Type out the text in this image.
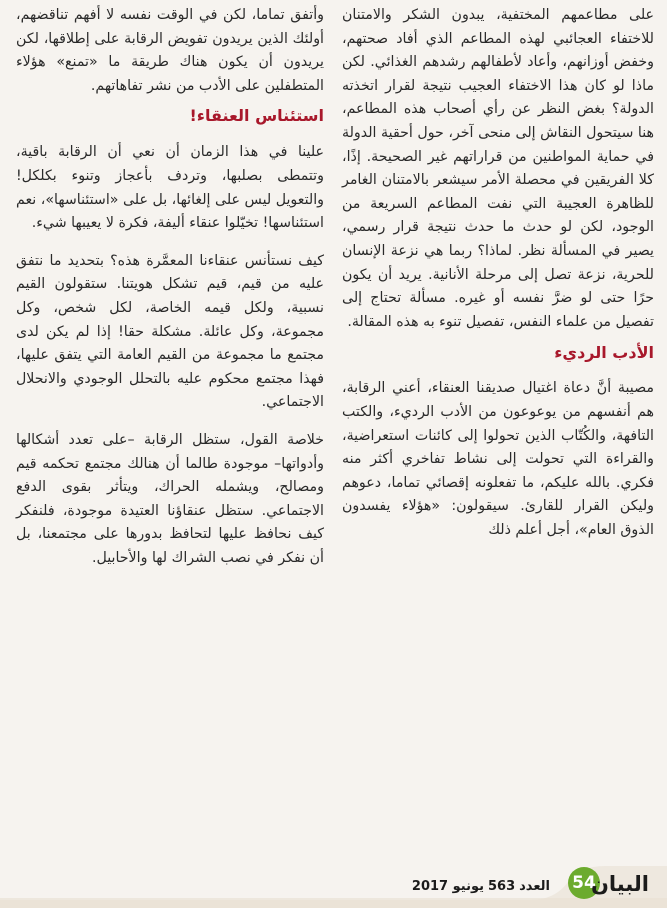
على مطاعمهم المختفية، يبدون الشكر والامتنان للاختفاء العجائبي لهذه المطاعم الذي أفاد صحتهم، وخفض أوزانهم، وأعاد لأطفالهم رشدهم الغذائي. لكن ماذا لو كان هذا الاختفاء العجيب نتيجة لقرار اتخذته الدولة؟ بغض النظر عن رأي أصحاب هذه المطاعم، هنا سيتحول النقاش إلى منحى آخر، حول أحقية الدولة في حماية المواطنين من قراراتهم غير الصحيحة. إذًا، كلا الفريقين في محصلة الأمر سيشعر بالامتنان الغامر للظاهرة العجيبة التي نفت المطاعم السريعة من الوجود، لكن لو حدث ما حدث نتيجة قرار رسمي، يصير في المسألة نظر. لماذا؟ ربما هي نزعة الإنسان للحرية، نزعة تصل إلى مرحلة الأنانية. يريد أن يكون حرًا حتى لو ضرَّ نفسه أو غيره. مسألة تحتاج إلى تفصيل من علماء النفس، تفصيل تنوء به هذه المقالة.

الأدب الرديء

مصيبة أنَّ دعاة اغتيال صديقنا العنقاء، أعني الرقابة، هم أنفسهم من يوعوعون من الأدب الرديء، والكتب التافهة، والكُتّاب الذين تحولوا إلى كائنات استعراضية، والقراءة التي تحولت إلى نشاط تفاخري أكثر منه فكري. بالله عليكم، ما تفعلونه إقصائي تماما، دعوهم وليكن القرار للقارئ. سيقولون: «هؤلاء يفسدون الذوق العام»، أجل أعلم ذلك

وأتفق تماما، لكن في الوقت نفسه لا أفهم تناقضهم، أولئك الذين يريدون تفويض الرقابة على إطلاقها، لكن يريدون أن يكون هناك طريقة ما «تمنع» هؤلاء المتطفلين على الأدب من نشر تفاهاتهم.

استئناس العنقاء!

علينا في هذا الزمان أن نعي أن الرقابة باقية، وتتمطى بصلبها، وتردف بأعجاز وتنوء بكلكل! والتعويل ليس على إلغائها، بل على «استئناسها»، نعم استئناسها! تخيّلوا عنقاء أليفة، فكرة لا يعيبها شيء.

كيف نستأنس عنقاءنا المعمَّرة هذه؟ بتحديد ما نتفق عليه من قيم، قيم تشكل هويتنا. ستقولون القيم نسبية، ولكل قيمه الخاصة، لكل شخص، وكل مجموعة، وكل عائلة. مشكلة حقا! إذا لم يكن لدى مجتمع ما مجموعة من القيم العامة التي يتفق عليها، فهذا مجتمع محكوم عليه بالتحلل الوجودي والانحلال الاجتماعي.

خلاصة القول، ستظل الرقابة –على تعدد أشكالها وأدواتها– موجودة طالما أن هنالك مجتمع تحكمه قيم ومصالح، ويشمله الحراك، ويتأثر بقوى الدفع الاجتماعي. ستظل عنقاؤنا العتيدة موجودة، فلنفكر كيف نحافظ عليها لتحافظ بدورها على مجتمعنا، بل أن نفكر في نصب الشراك لها والأحابيل.

العدد563يونيو 2017	54
البيان
